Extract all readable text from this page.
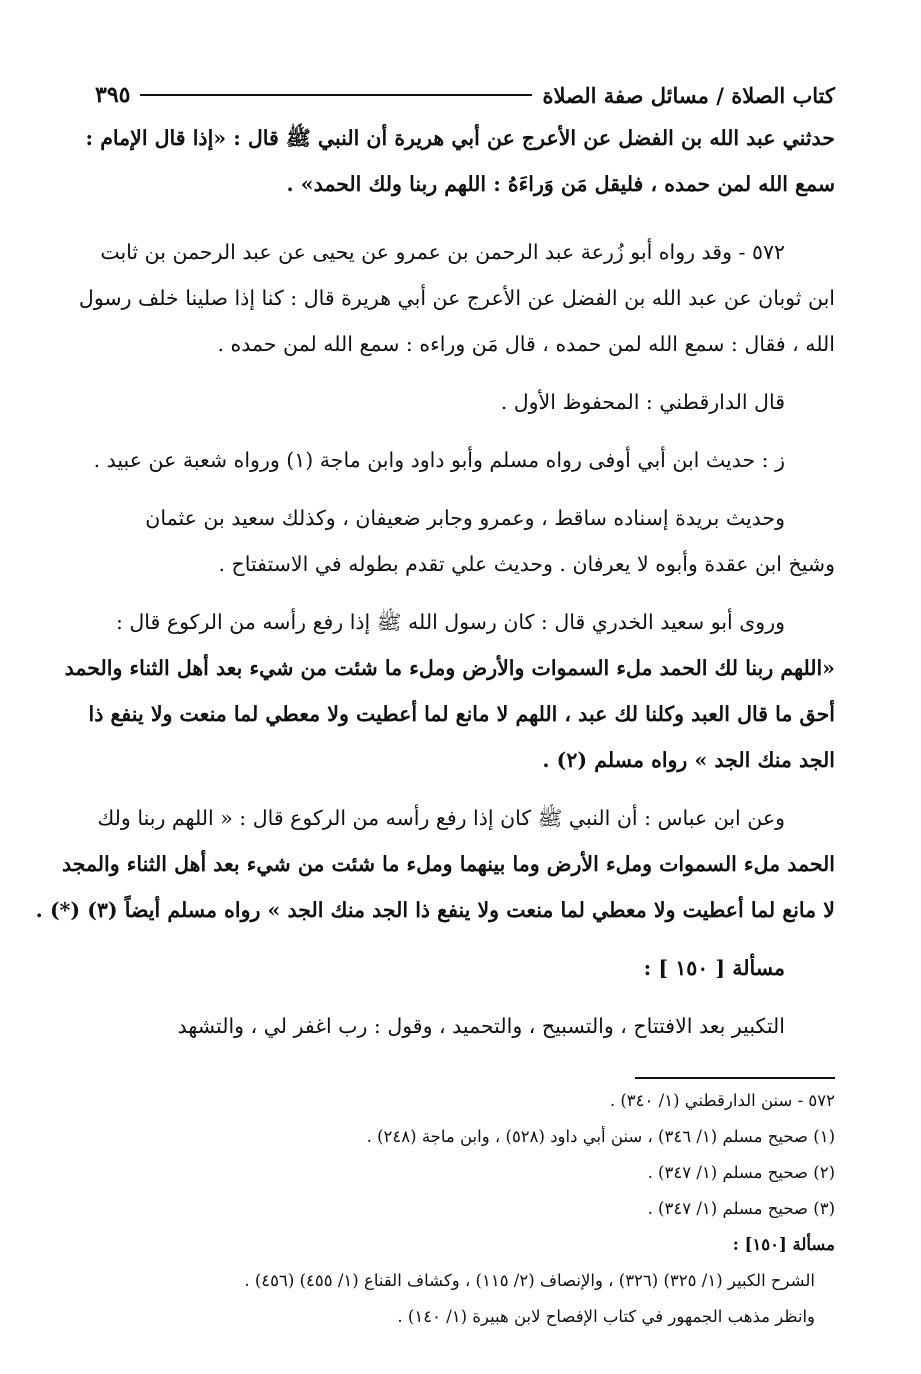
كتاب الصلاة / مسائل صفة الصلاة
٣٩٥
حدثني عبد الله بن الفضل عن الأعرج عن أبي هريرة أن النبي ﷺ قال : «إذا قال الإمام :
سمع الله لمن حمده ، فليقل مَن وَراءَهُ : اللهم ربنا ولك الحمد» .
٥٧٢ - وقد رواه أبو زُرعة عبد الرحمن بن عمرو عن يحيى عن عبد الرحمن بن ثابت
ابن ثوبان عن عبد الله بن الفضل عن الأعرج عن أبي هريرة قال : كنا إذا صلينا خلف رسول
الله ، فقال : سمع الله لمن حمده ، قال مَن وراءه : سمع الله لمن حمده .
قال الدارقطني : المحفوظ الأول .
ز : حديث ابن أبي أوفى رواه مسلم وأبو داود وابن ماجة (١) ورواه شعبة عن عبيد .
وحديث بريدة إسناده ساقط ، وعمرو وجابر ضعيفان ، وكذلك سعيد بن عثمان
وشيخ ابن عقدة وأبوه لا يعرفان . وحديث علي تقدم بطوله في الاستفتاح .
وروى أبو سعيد الخدري قال : كان رسول الله ﷺ إذا رفع رأسه من الركوع قال :
«اللهم ربنا لك الحمد ملء السموات والأرض وملء ما شئت من شيء بعد أهل الثناء والحمد
أحق ما قال العبد وكلنا لك عبد ، اللهم لا مانع لما أعطيت ولا معطي لما منعت ولا ينفع ذا
الجد منك الجد » رواه مسلم (٢) .
وعن ابن عباس : أن النبي ﷺ كان إذا رفع رأسه من الركوع قال : « اللهم ربنا ولك
الحمد ملء السموات وملء الأرض وما بينهما وملء ما شئت من شيء بعد أهل الثناء والمجد
لا مانع لما أعطيت ولا معطي لما منعت ولا ينفع ذا الجد منك الجد » رواه مسلم أيضاً (٣) (*) .
مسألة [ ١٥٠ ] :
التكبير بعد الافتتاح ، والتسبيح ، والتحميد ، وقول : رب اغفر لي ، والتشهد
٥٧٢ - سنن الدارقطني (١/ ٣٤٠) .
(١) صحيح مسلم (١/ ٣٤٦) ، سنن أبي داود (٥٢٨) ، وابن ماجة (٢٤٨) .
(٢) صحيح مسلم (١/ ٣٤٧) .
(٣) صحيح مسلم (١/ ٣٤٧) .
مسألة [١٥٠] :
الشرح الكبير (١/ ٣٢٥) (٣٢٦) ، والإنصاف (٢/ ١١٥) ، وكشاف القناع (١/ ٤٥٥) (٤٥٦) .
وانظر مذهب الجمهور في كتاب الإفصاح لابن هبيرة (١/ ١٤٠) .
